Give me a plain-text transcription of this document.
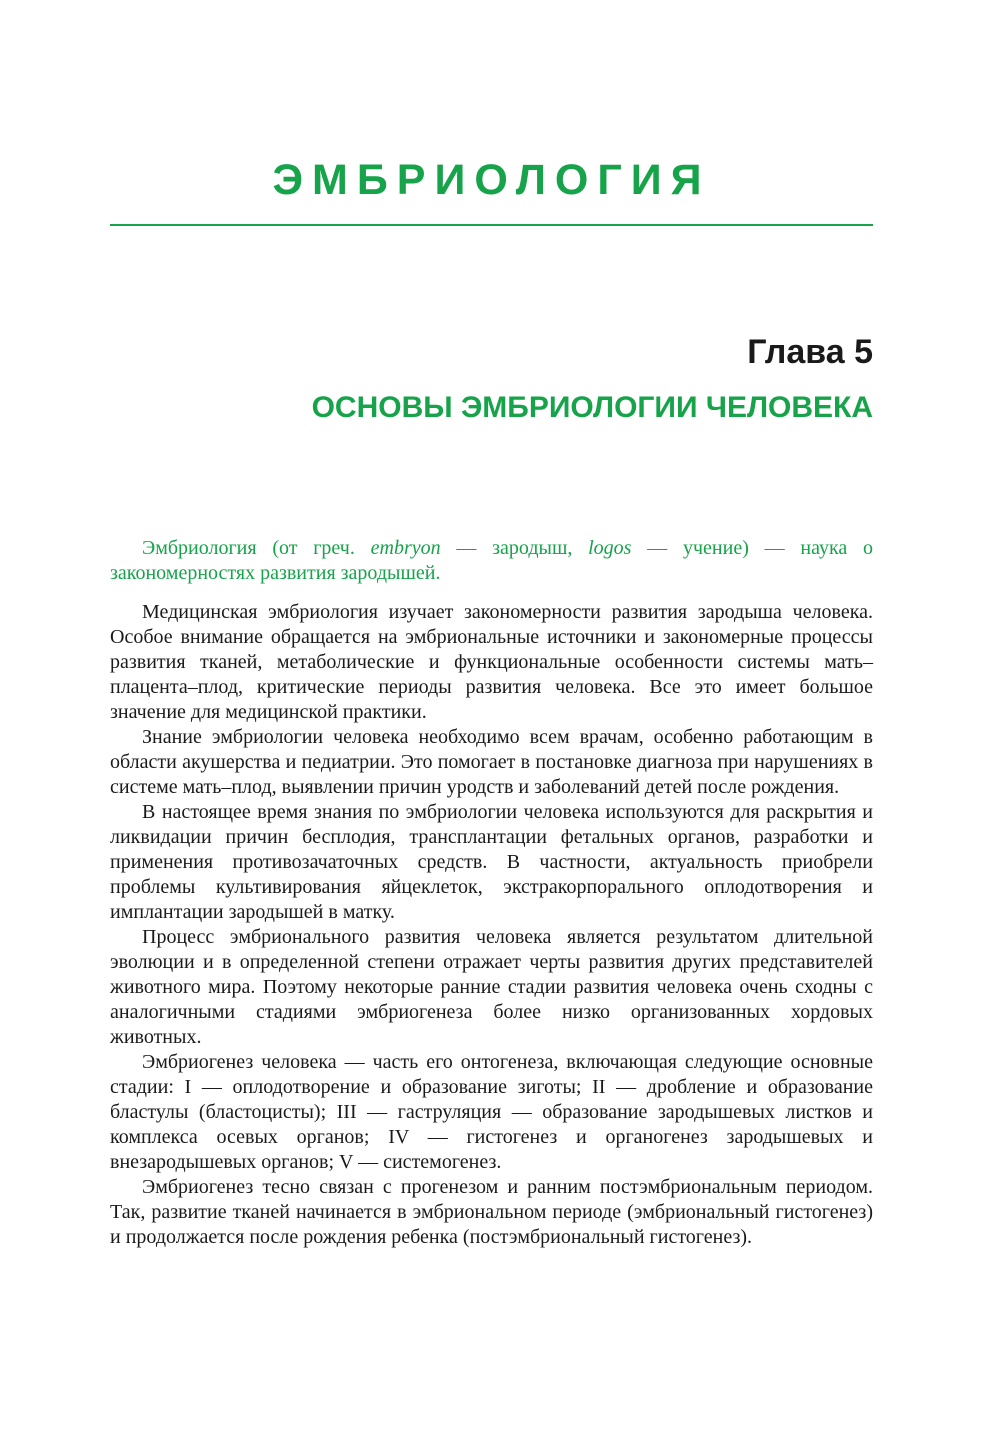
ЭМБРИОЛОГИЯ
Глава 5
ОСНОВЫ ЭМБРИОЛОГИИ ЧЕЛОВЕКА

Эмбриология (от греч. embryon — зародыш, logos — учение) — наука о закономерностях развития зародышей.

Медицинская эмбриология изучает закономерности развития зародыша человека. Особое внимание обращается на эмбриональные источники и закономерные процессы развития тканей, метаболические и функциональные особенности системы мать–плацента–плод, критические периоды развития человека. Все это имеет большое значение для медицинской практики.

Знание эмбриологии человека необходимо всем врачам, особенно работающим в области акушерства и педиатрии. Это помогает в постановке диагноза при нарушениях в системе мать–плод, выявлении причин уродств и заболеваний детей после рождения.

В настоящее время знания по эмбриологии человека используются для раскрытия и ликвидации причин бесплодия, трансплантации фетальных органов, разработки и применения противозачаточных средств. В частности, актуальность приобрели проблемы культивирования яйцеклеток, экстракорпорального оплодотворения и имплантации зародышей в матку.

Процесс эмбрионального развития человека является результатом длительной эволюции и в определенной степени отражает черты развития других представителей животного мира. Поэтому некоторые ранние стадии развития человека очень сходны с аналогичными стадиями эмбриогенеза более низко организованных хордовых животных.

Эмбриогенез человека — часть его онтогенеза, включающая следующие основные стадии: I — оплодотворение и образование зиготы; II — дробление и образование бластулы (бластоцисты); III — гаструляция — образование зародышевых листков и комплекса осевых органов; IV — гистогенез и органогенез зародышевых и внезародышевых органов; V — системогенез.

Эмбриогенез тесно связан с прогенезом и ранним постэмбриональным периодом. Так, развитие тканей начинается в эмбриональном периоде (эмбриональный гистогенез) и продолжается после рождения ребенка (постэмбриональный гистогенез).
